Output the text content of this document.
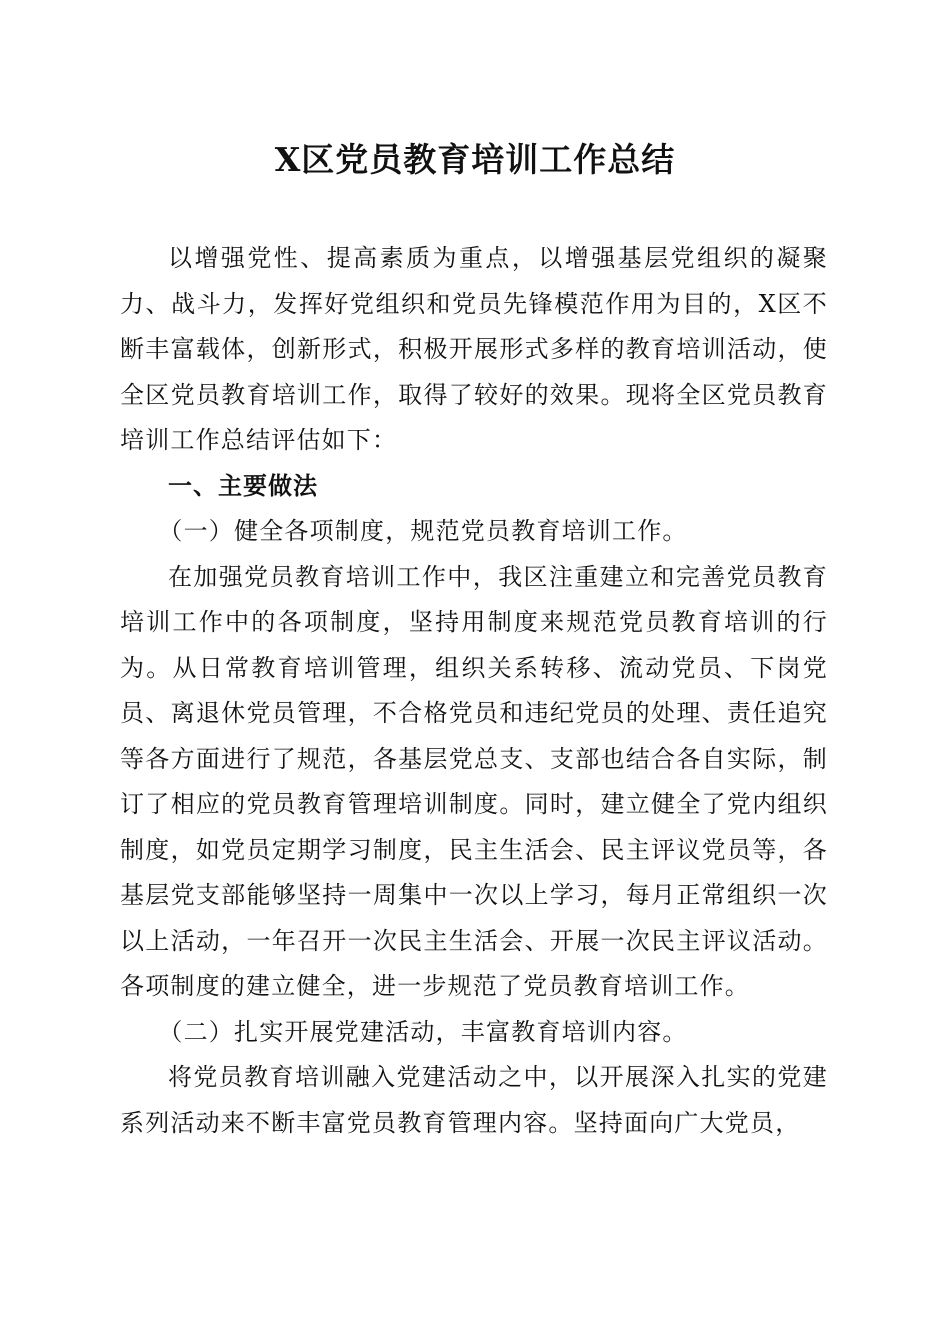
X区党员教育培训工作总结

以增强党性、提高素质为重点，以增强基层党组织的凝聚力、战斗力，发挥好党组织和党员先锋模范作用为目的，X区不断丰富载体，创新形式，积极开展形式多样的教育培训活动，使全区党员教育培训工作，取得了较好的效果。现将全区党员教育培训工作总结评估如下：

一、主要做法
（一）健全各项制度，规范党员教育培训工作。

在加强党员教育培训工作中，我区注重建立和完善党员教育培训工作中的各项制度，坚持用制度来规范党员教育培训的行为。从日常教育培训管理，组织关系转移、流动党员、下岗党员、离退休党员管理，不合格党员和违纪党员的处理、责任追究等各方面进行了规范，各基层党总支、支部也结合各自实际，制订了相应的党员教育管理培训制度。同时，建立健全了党内组织制度，如党员定期学习制度，民主生活会、民主评议党员等，各基层党支部能够坚持一周集中一次以上学习，每月正常组织一次以上活动，一年召开一次民主生活会、开展一次民主评议活动。各项制度的建立健全，进一步规范了党员教育培训工作。

（二）扎实开展党建活动，丰富教育培训内容。

将党员教育培训融入党建活动之中，以开展深入扎实的党建系列活动来不断丰富党员教育管理内容。坚持面向广大党员，
